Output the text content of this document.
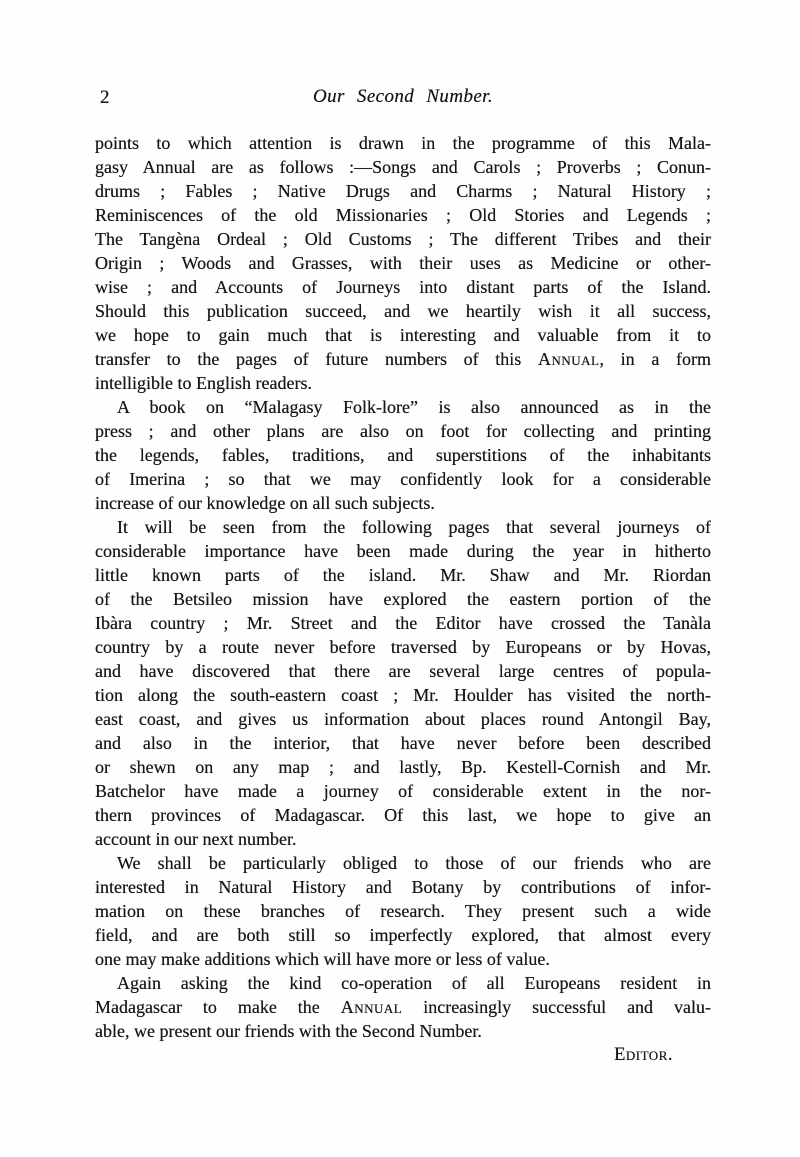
2	Our Second Number.
points to which attention is drawn in the programme of this Mala-
gasy Annual are as follows :—Songs and Carols ; Proverbs ; Conun-
drums ; Fables ; Native Drugs and Charms ; Natural History ;
Reminiscences of the old Missionaries ; Old Stories and Legends ;
The Tangèna Ordeal ; Old Customs ; The different Tribes and their
Origin ; Woods and Grasses, with their uses as Medicine or other-
wise ; and Accounts of Journeys into distant parts of the Island.
Should this publication succeed, and we heartily wish it all success,
we hope to gain much that is interesting and valuable from it to
transfer to the pages of future numbers of this Annual, in a form
intelligible to English readers.
A book on “Malagasy Folk-lore” is also announced as in the
press ; and other plans are also on foot for collecting and printing
the legends, fables, traditions, and superstitions of the inhabitants
of Imerina ; so that we may confidently look for a considerable
increase of our knowledge on all such subjects.
It will be seen from the following pages that several journeys of
considerable importance have been made during the year in hitherto
little known parts of the island. Mr. Shaw and Mr. Riordan
of the Betsileo mission have explored the eastern portion of the
Ibàra country ; Mr. Street and the Editor have crossed the Tanàla
country by a route never before traversed by Europeans or by Hovas,
and have discovered that there are several large centres of popula-
tion along the south-eastern coast ; Mr. Houlder has visited the north-
east coast, and gives us information about places round Antongil Bay,
and also in the interior, that have never before been described
or shewn on any map ; and lastly, Bp. Kestell-Cornish and Mr.
Batchelor have made a journey of considerable extent in the nor-
thern provinces of Madagascar. Of this last, we hope to give an
account in our next number.
We shall be particularly obliged to those of our friends who are
interested in Natural History and Botany by contributions of infor-
mation on these branches of research. They present such a wide
field, and are both still so imperfectly explored, that almost every
one may make additions which will have more or less of value.
Again asking the kind co-operation of all Europeans resident in
Madagascar to make the Annual increasingly successful and valu-
able, we present our friends with the Second Number.
Editor.
